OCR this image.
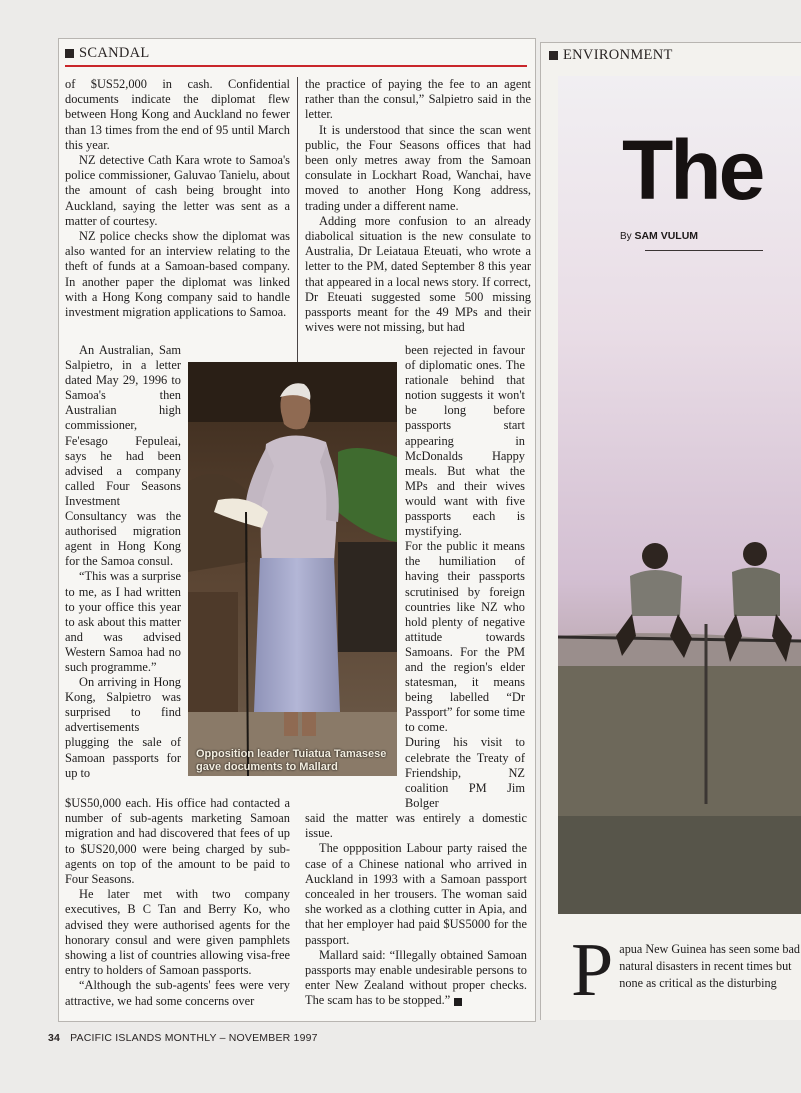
SCANDAL

of $US52,000 in cash. Confidential documents indicate the diplomat flew between Hong Kong and Auckland no fewer than 13 times from the end of 95 until March this year.

NZ detective Cath Kara wrote to Samoa's police commissioner, Galuvao Tanielu, about the amount of cash being brought into Auckland, saying the letter was sent as a matter of courtesy.

NZ police checks show the diplomat was also wanted for an interview relating to the theft of funds at a Samoan-based company. In another paper the diplomat was linked with a Hong Kong company said to handle investment migration applications to Samoa.

An Australian, Sam Salpietro, in a letter dated May 29, 1996 to Samoa's then Australian high commissioner, Fe'esago Fepuleai, says he had been advised a company called Four Seasons Investment Consultancy was the authorised migration agent in Hong Kong for the Samoa consul.

“This was a surprise to me, as I had written to your office this year to ask about this matter and was advised Western Samoa had no such programme.”

On arriving in Hong Kong, Salpietro was surprised to find advertisements plugging the sale of Samoan passports for up to

$US50,000 each. His office had contacted a number of sub-agents marketing Samoan migration and had discovered that fees of up to $US20,000 were being charged by sub-agents on top of the amount to be paid to Four Seasons.

He later met with two company executives, B C Tan and Berry Ko, who advised they were authorised agents for the honorary consul and were given pamphlets showing a list of countries allowing visa-free entry to holders of Samoan passports.

“Although the sub-agents' fees were very attractive, we had some concerns over

the practice of paying the fee to an agent rather than the consul,” Salpietro said in the letter.

It is understood that since the scan went public, the Four Seasons offices that had been only metres away from the Samoan consulate in Lockhart Road, Wanchai, have moved to another Hong Kong address, trading under a different name.

Adding more confusion to an already diabolical situation is the new consulate to Australia, Dr Leiataua Eteuati, who wrote a letter to the PM, dated September 8 this year that appeared in a local news story. If correct, Dr Eteuati suggested some 500 missing passports meant for the 49 MPs and their wives were not missing, but had

been rejected in favour of diplomatic ones. The rationale behind that notion suggests it won't be long before passports start appearing in McDonalds Happy meals. But what the MPs and their wives would want with five passports each is mystifying.

For the public it means the humiliation of having their passports scrutinised by foreign countries like NZ who hold plenty of negative attitude towards Samoans. For the PM and the region's elder statesman, it means being labelled “Dr Passport” for some time to come.

During his visit to celebrate the Treaty of Friendship, NZ coalition PM Jim Bolger

said the matter was entirely a domestic issue.

The oppposition Labour party raised the case of a Chinese national who arrived in Auckland in 1993 with a Samoan passport concealed in her trousers. The woman said she worked as a clothing cutter in Apia, and that her employer had paid $US5000 for the passport.

Mallard said: “Illegally obtained Samoan passports may enable undesirable persons to enter New Zealand without proper checks. The scam has to be stopped.”

Opposition leader Tuiatua Tamasese
gave documents to Mallard
34 PACIFIC ISLANDS MONTHLY – NOVEMBER 1997
ENVIRONMENT
The
By SAM VULUM
Papua New Guinea has seen some bad natural disasters in recent times but none as critical as the disturbing
